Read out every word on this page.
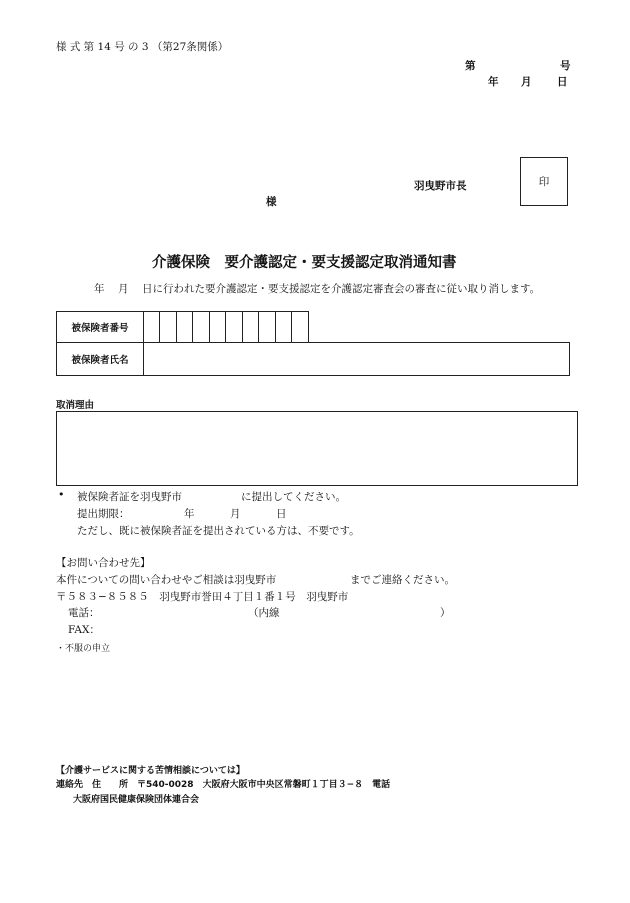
様 式 第 14 号 の 3 （第27条関係）
第	号
年 月 日
羽曳野市長	印
様
介護保険　要介護認定・要支援認定取消通知書
年 月 日に行われた要介護認定・要支援認定を介護認定審査会の審査に従い取り消します。
被保険者番号
被保険者氏名
取消理由
• 被保険者証を羽曳野市	に提出してください。
提出期限：	年	月	日
ただし、既に被保険者証を提出されている方は、不要です。
【お問い合わせ先】
本件についての問い合わせやご相談は羽曳野市	までご連絡ください。
〒５８３−８５８５　羽曳野市誉田４丁目１番１号　羽曳野市
電話：	（内線	）
FAX：
・不服の申立
【介護サービスに関する苦情相談については】
連絡先　住　　所　〒540-0028　大阪府大阪市中央区常磐町１丁目３−８　電話
大阪府国民健康保険団体連合会
